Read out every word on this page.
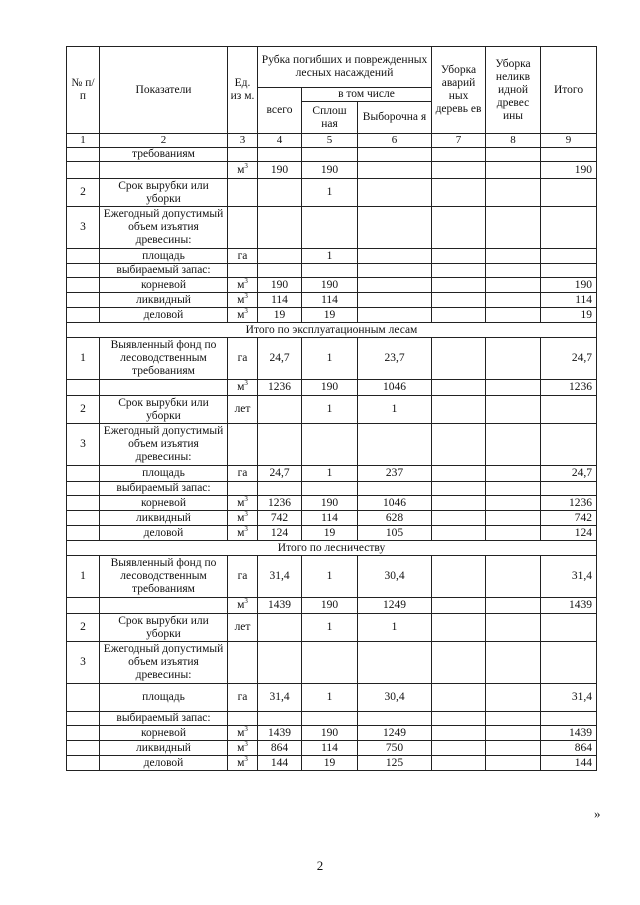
№ п/п	Показатели	Ед. из м.	Рубка погибших и поврежденных лесных насаждений			Уборка аварий ных деревь ев	Уборка неликв идной древес ины	Итого
			всего	в том числе				
				Сплош ная	Выборочна я			
1	2	3	4	5	6	7	8	9
	требованиям							
		$м^3$	190	190				190
2	Срок вырубки или уборки			1				
3	Ежегодный допустимый объем изъятия древесины:							
	площадь	га		1				
	выбираемый запас:							
	корневой	$м^3$	190	190				190
	ликвидный	$м^3$	114	114				114
	деловой	$м^3$	19	19				19
Итого по эксплуатационным лесам								
1	Выявленный фонд по лесоводственным требованиям	га	24,7	1	23,7			24,7
		$м^3$	1236	190	1046			1236
2	Срок вырубки или уборки	лет		1	1			
3	Ежегодный допустимый объем изъятия древесины:							
	площадь	га	24,7	1	237			24,7
	выбираемый запас:							
	корневой	$м^3$	1236	190	1046			1236
	ликвидный	$м^3$	742	114	628			742
	деловой	$м^3$	124	19	105			124
Итого по лесничеству								
1	Выявленный фонд по лесоводственным требованиям	га	31,4	1	30,4			31,4
		$м^3$	1439	190	1249			1439
2	Срок вырубки или уборки	лет		1	1			
3	Ежегодный допустимый объем изъятия древесины:							
	площадь	га	31,4	1	30,4			31,4
	выбираемый запас:							
	корневой	$м^3$	1439	190	1249			1439
	ликвидный	$м^3$	864	114	750			864
	деловой	$м^3$	144	19	125			144
»
2
